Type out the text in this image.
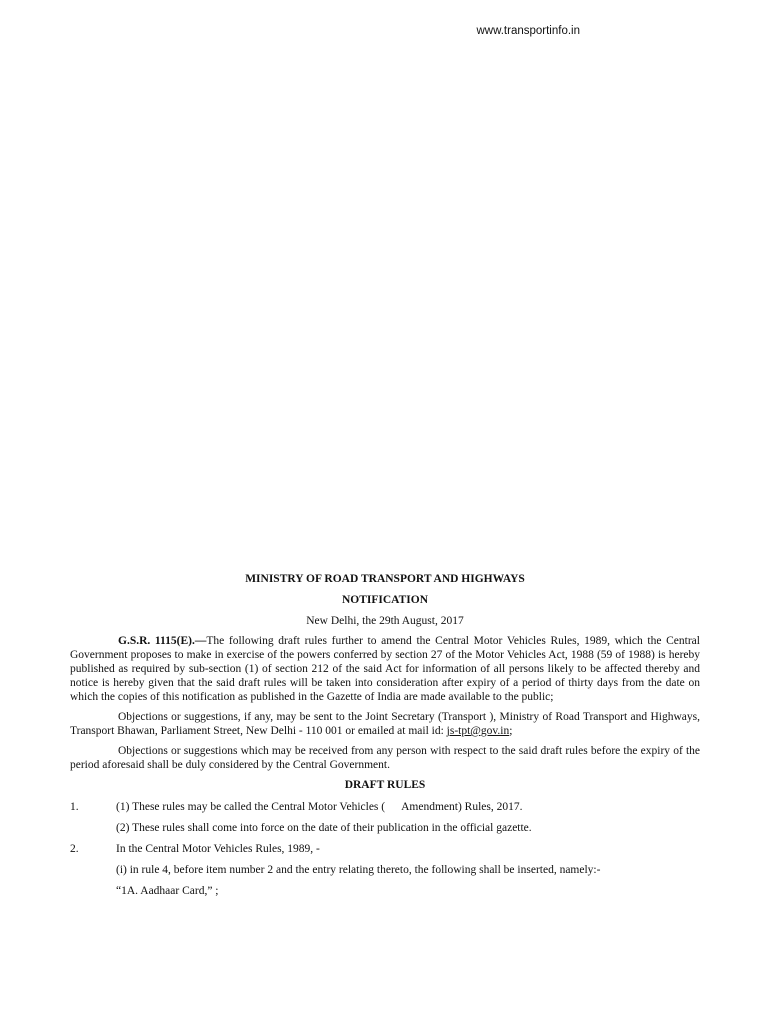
www.transportinfo.in
MINISTRY OF ROAD TRANSPORT AND HIGHWAYS
NOTIFICATION
New Delhi, the 29th August, 2017

G.S.R. 1115(E).—The following draft rules further to amend the Central Motor Vehicles Rules, 1989, which the Central Government proposes to make in exercise of the powers conferred by section 27 of the Motor Vehicles Act, 1988 (59 of 1988) is hereby published as required by sub-section (1) of section 212 of the said Act for information of all persons likely to be affected thereby and notice is hereby given that the said draft rules will be taken into consideration after expiry of a period of thirty days from the date on which the copies of this notification as published in the Gazette of India are made available to the public;

Objections or suggestions, if any, may be sent to the Joint Secretary (Transport ), Ministry of Road Transport and Highways, Transport Bhawan, Parliament Street, New Delhi - 110 001 or emailed at mail id: js-tpt@gov.in;

Objections or suggestions which may be received from any person with respect to the said draft rules before the expiry of the period aforesaid shall be duly considered by the Central Government.

DRAFT RULES
1.	(1) These rules may be called the Central Motor Vehicles ( Amendment) Rules, 2017.
(2) These rules shall come into force on the date of their publication in the official gazette.
2.	In the Central Motor Vehicles Rules, 1989, -
(i) in rule 4, before item number 2 and the entry relating thereto, the following shall be inserted, namely:-
“1A. Aadhaar Card,” ;
